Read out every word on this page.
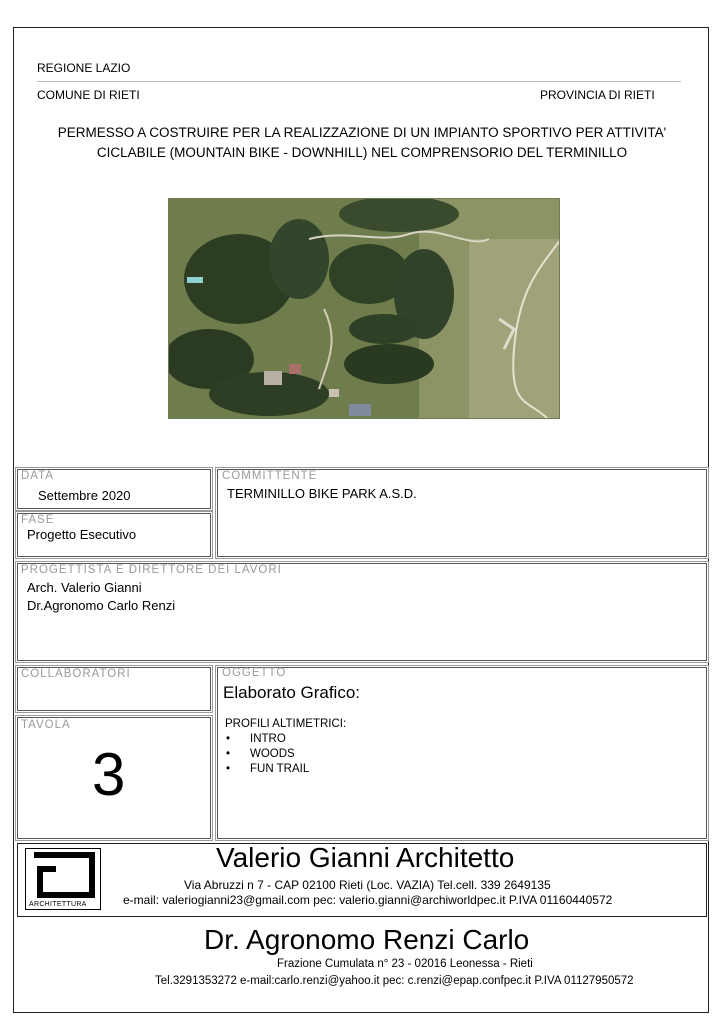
REGIONE LAZIO
COMUNE DI RIETI	PROVINCIA DI RIETI
PERMESSO A COSTRUIRE PER LA REALIZZAZIONE DI UN IMPIANTO SPORTIVO PER ATTIVITA'
CICLABILE (MOUNTAIN BIKE - DOWNHILL) NEL COMPRENSORIO DEL TERMINILLO
DATA
Settembre 2020
FASE
Progetto Esecutivo
COMMITTENTE
TERMINILLO BIKE PARK A.S.D.
PROGETTISTA E DIRETTORE DEI LAVORI
Arch. Valerio Gianni
Dr.Agronomo Carlo Renzi
COLLABORATORI
TAVOLA
3
OGGETTO
Elaborato Grafico:
PROFILI ALTIMETRICI:
• INTRO
• WOODS
• FUN TRAIL
ARCHITETTURA
Valerio Gianni Architetto
Via Abruzzi n 7 - CAP 02100 Rieti (Loc. VAZIA) Tel.cell. 339 2649135
e-mail: valeriogianni23@gmail.com pec: valerio.gianni@archiworldpec.it P.IVA 01160440572
Dr. Agronomo Renzi Carlo
Frazione Cumulata n° 23 - 02016 Leonessa - Rieti
Tel.3291353272 e-mail:carlo.renzi@yahoo.it pec: c.renzi@epap.confpec.it P.IVA 01127950572
